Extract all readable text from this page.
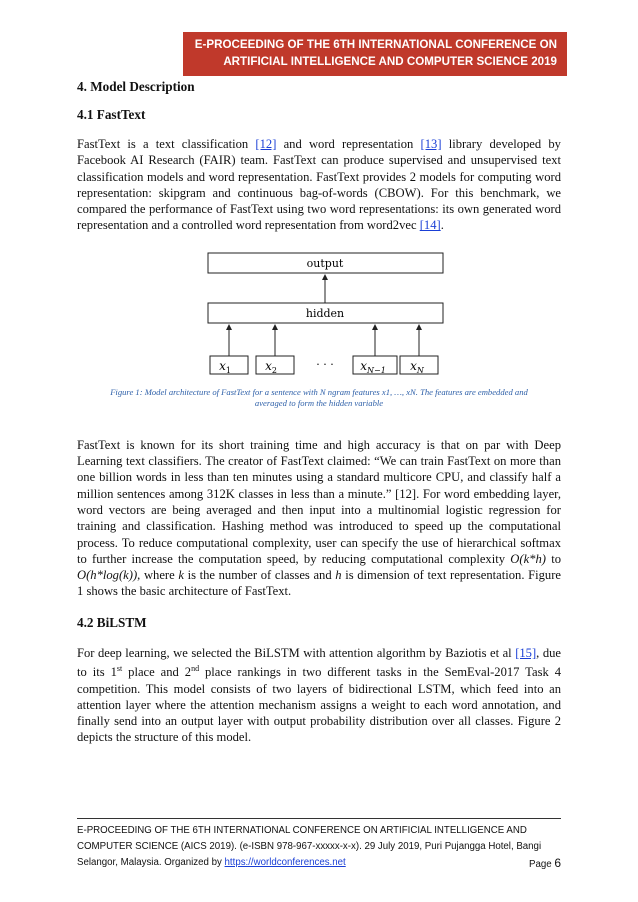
E-PROCEEDING OF THE 6TH INTERNATIONAL CONFERENCE ON
ARTIFICIAL INTELLIGENCE AND COMPUTER SCIENCE 2019
4. Model Description
4.1 FastText

FastText is a text classification [12] and word representation [13] library developed by Facebook AI Research (FAIR) team. FastText can produce supervised and unsupervised text classification models and word representation. FastText provides 2 models for computing word representation: skipgram and continuous bag-of-words (CBOW). For this benchmark, we compared the performance of FastText using two word representations: its own generated word representation and a controlled word representation from word2vec [14].

output
hidden
$x_1$	$x_2$	· · · $x_{N-1}$ $x_N$
Figure 1: Model architecture of FastText for a sentence with N ngram features x1, …, xN. The features are embedded and
averaged to form the hidden variable

FastText is known for its short training time and high accuracy is that on par with Deep Learning text classifiers. The creator of FastText claimed: “We can train FastText on more than one billion words in less than ten minutes using a standard multicore CPU, and classify half a million sentences among 312K classes in less than a minute.” [12]. For word embedding layer, word vectors are being averaged and then input into a multinomial logistic regression for training and classification. Hashing method was introduced to speed up the computational process. To reduce computational complexity, user can specify the use of hierarchical softmax to further increase the computation speed, by reducing computational complexity O(k*h) to O(h*log(k)), where k is the number of classes and h is dimension of text representation. Figure 1 shows the basic architecture of FastText.

4.2 BiLSTM

For deep learning, we selected the BiLSTM with attention algorithm by Baziotis et al [15], due to its 1st place and 2nd place rankings in two different tasks in the SemEval-2017 Task 4 competition. This model consists of two layers of bidirectional LSTM, which feed into an attention layer where the attention mechanism assigns a weight to each word annotation, and finally send into an output layer with output probability distribution over all classes. Figure 2 depicts the structure of this model.

E-PROCEEDING OF THE 6TH INTERNATIONAL CONFERENCE ON ARTIFICIAL INTELLIGENCE AND
COMPUTER SCIENCE (AICS 2019). (e-ISBN 978-967-xxxxx-x-x). 29 July 2019, Puri Pujangga Hotel, Bangi
Selangor, Malaysia. Organized by https://worldconferences.net	Page 6
